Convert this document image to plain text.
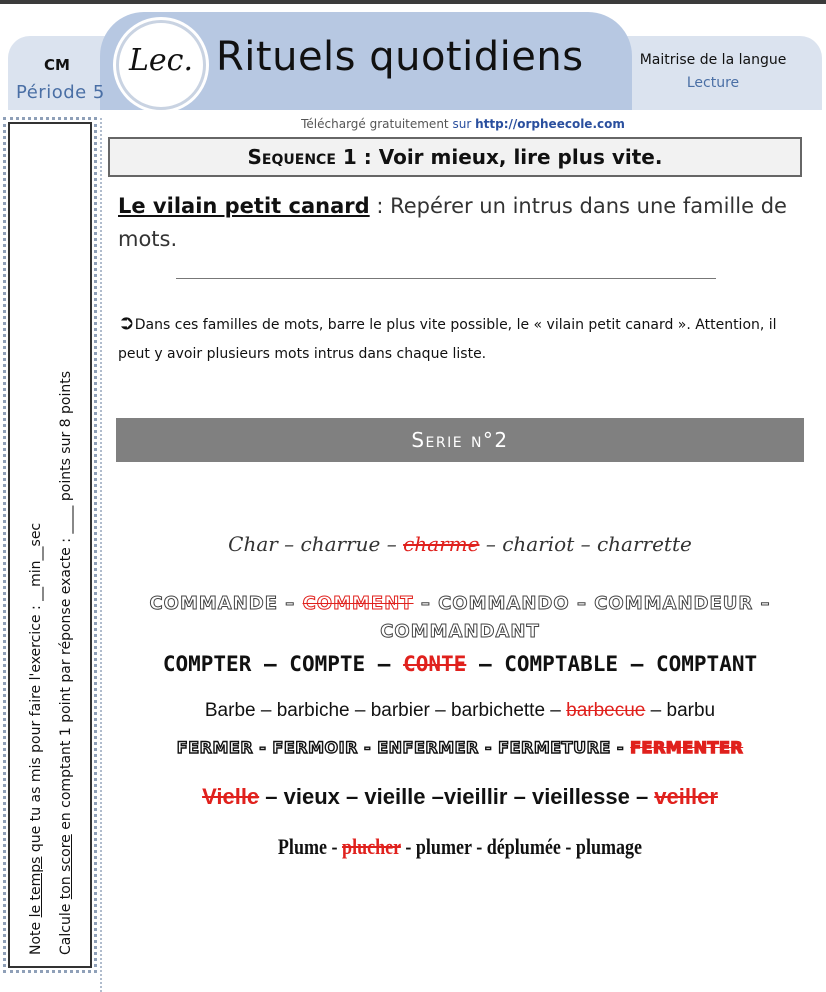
CM
Période 5
Lec. Rituels quotidiens	Maitrise de la langue
Lecture
Note le temps que tu as mis pour faire l'exercice : __min__sec
Calcule ton score en comptant 1 point par réponse exacte : ____ points sur 8 points
Téléchargé gratuitement sur http://orpheecole.com
Sequence 1 : Voir mieux, lire plus vite.
Le vilain petit canard : Repérer un intrus dans une famille de mots.
➲Dans ces familles de mots, barre le plus vite possible, le « vilain petit canard ». Attention, il peut y avoir plusieurs mots intrus dans chaque liste.
Serie n°2
Char – charrue – charme – chariot – charrette
COMMANDE – COMMENT – COMMANDO – COMMANDEUR –
COMMANDANT
COMPTER – COMPTE – CONTE – COMPTABLE – COMPTANT
Barbe – barbiche – barbier – barbichette – barbecue – barbu
FERMER - FERMOIR - ENFERMER - FERMETURE - FERMENTER
Vielle – vieux – vieille –vieillir – vieillesse – veiller
Plume - plucher - plumer - déplumée - plumage
